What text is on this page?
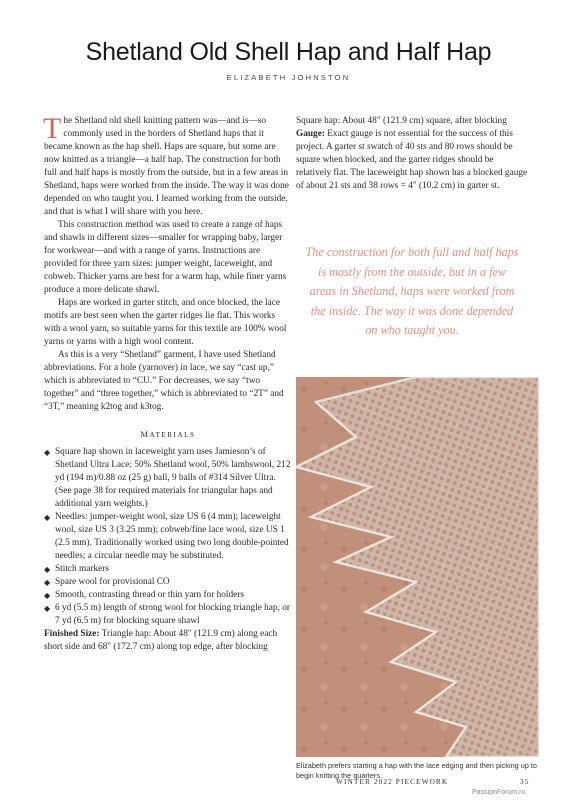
Shetland Old Shell Hap and Half Hap
ELIZABETH JOHNSTON

The Shetland old shell knitting pattern was—and is—so commonly used in the borders of Shetland haps that it became known as the hap shell. Haps are square, but some are now knitted as a triangle—a half hap. The construction for both full and half haps is mostly from the outside, but in a few areas in Shetland, haps were worked from the inside. The way it was done depended on who taught you. I learned working from the outside, and that is what I will share with you here.

This construction method was used to create a range of haps and shawls in different sizes—smaller for wrapping baby, larger for workwear—and with a range of yarns. Instructions are provided for three yarn sizes: jumper weight, laceweight, and cobweb. Thicker yarns are best for a warm hap, while finer yarns produce a more delicate shawl.

Haps are worked in garter stitch, and once blocked, the lace motifs are best seen when the garter ridges lie flat. This works with a wool yarn, so suitable yarns for this textile are 100% wool yarns or yarns with a high wool content.

As this is a very “Shetland” garment, I have used Shetland abbreviations. For a hole (yarnover) in lace, we say “cast up,” which is abbreviated to “CU.” For decreases, we say “two together” and “three together,” which is abbreviated to “2T” and “3T,” meaning k2tog and k3tog.

MATERIALS
◆ Square hap shown in laceweight yarn uses Jamieson’s of Shetland Ultra Lace: 50% Shetland wool, 50% lambswool, 212 yd (194 m)/0.88 oz (25 g) ball, 9 balls of #314 Silver Ultra. (See page 38 for required materials for triangular haps and additional yarn weights.)
◆ Needles: jumper-weight wool, size US 6 (4 mm); laceweight wool, size US 3 (3.25 mm); cobweb/fine lace wool, size US 1 (2.5 mm). Traditionally worked using two long double-pointed needles; a circular needle may be substituted.
◆ Stitch markers
◆ Spare wool for provisional CO
◆ Smooth, contrasting thread or thin yarn for holders
◆ 6 yd (5.5 m) length of strong wool for blocking triangle hap, or 7 yd (6.5 m) for blocking square shawl

Finished Size: Triangle hap: About 48" (121.9 cm) along each short side and 68" (172.7 cm) along top edge, after blocking

Square hap: About 48" (121.9 cm) square, after blocking

Gauge: Exact gauge is not essential for the success of this project. A garter st swatch of 40 sts and 80 rows should be square when blocked, and the garter ridges should be relatively flat. The laceweight hap shown has a blocked gauge of about 21 sts and 38 rows = 4" (10.2 cm) in garter st.

The construction for both full and half haps is mostly from the outside, but in a few areas in Shetland, haps were worked from the inside. The way it was done depended on who taught you.
Elizabeth prefers starting a hap with the lace edging and then picking up to begin knitting the quarters.
WINTER 2022 PIECEWORK	35
PassionForum.ru
